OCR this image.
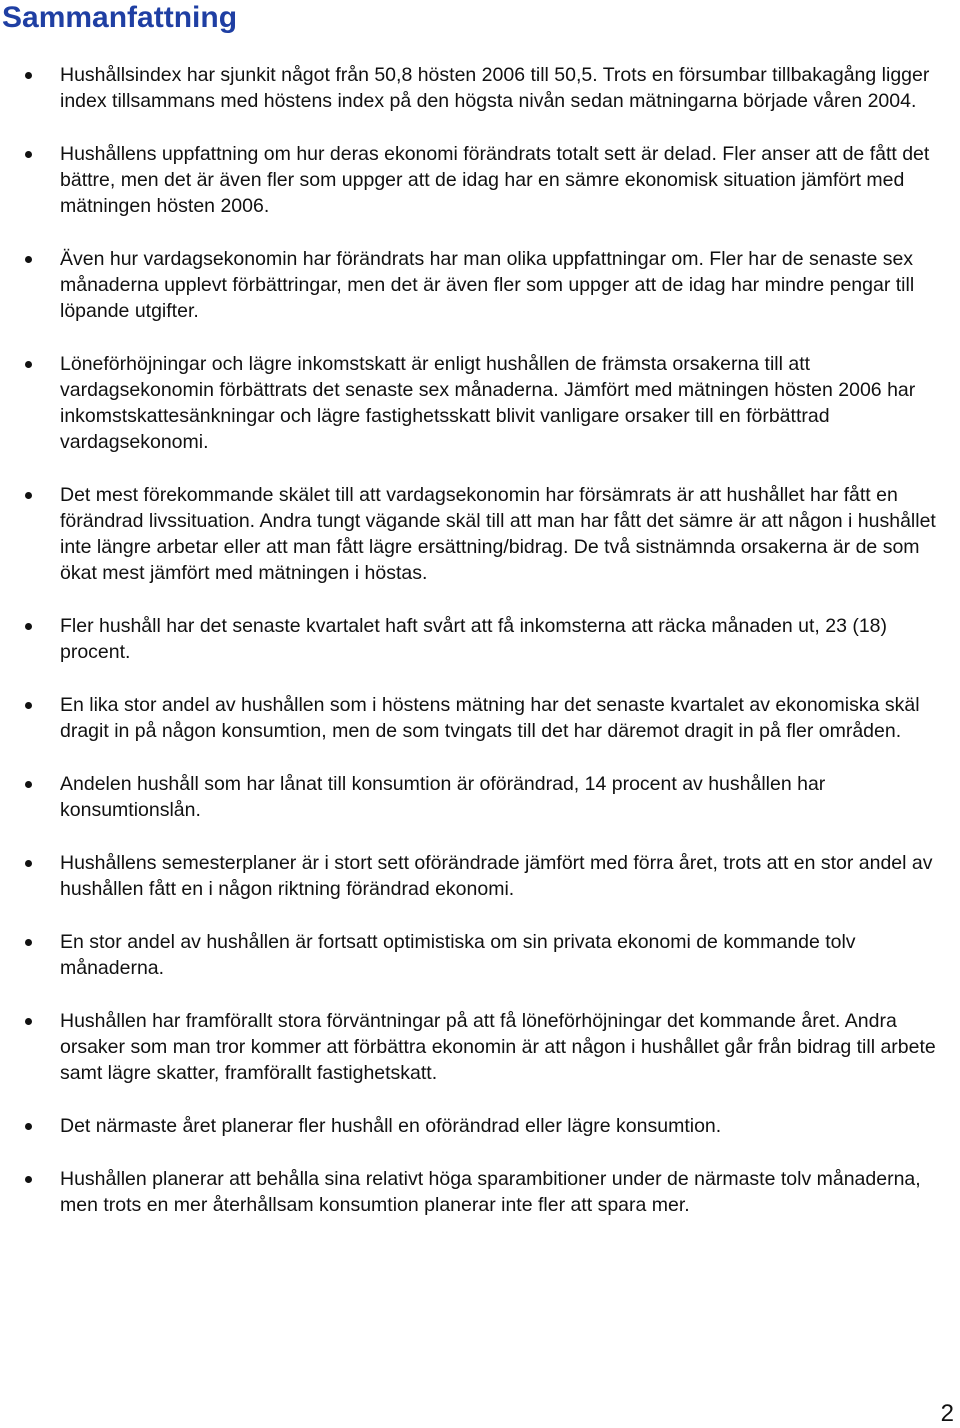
Sammanfattning
Hushållsindex har sjunkit något från 50,8 hösten 2006 till 50,5. Trots en försumbar tillbakagång ligger index tillsammans med höstens index på den högsta nivån sedan mätningarna började våren 2004.
Hushållens uppfattning om hur deras ekonomi förändrats totalt sett är delad. Fler anser att de fått det bättre, men det är även fler som uppger att de idag har en sämre ekonomisk situation jämfört med mätningen hösten 2006.
Även hur vardagsekonomin har förändrats har man olika uppfattningar om. Fler har de senaste sex månaderna upplevt förbättringar, men det är även fler som uppger att de idag har mindre pengar till löpande utgifter.
Löneförhöjningar och lägre inkomstskatt är enligt hushållen de främsta orsakerna till att vardagsekonomin förbättrats det senaste sex månaderna. Jämfört med mätningen hösten 2006 har inkomstskattesänkningar och lägre fastighetsskatt blivit vanligare orsaker till en förbättrad vardagsekonomi.
Det mest förekommande skälet till att vardagsekonomin har försämrats är att hushållet har fått en förändrad livssituation. Andra tungt vägande skäl till att man har fått det sämre är att någon i hushållet inte längre arbetar eller att man fått lägre ersättning/bidrag. De två sistnämnda orsakerna är de som ökat mest jämfört med mätningen i höstas.
Fler hushåll har det senaste kvartalet haft svårt att få inkomsterna att räcka månaden ut, 23 (18) procent.
En lika stor andel av hushållen som i höstens mätning har det senaste kvartalet av ekonomiska skäl dragit in på någon konsumtion, men de som tvingats till det har däremot dragit in på fler områden.
Andelen hushåll som har lånat till konsumtion är oförändrad, 14 procent av hushållen har konsumtionslån.
Hushållens semesterplaner är i stort sett oförändrade jämfört med förra året, trots att en stor andel av hushållen fått en i någon riktning förändrad ekonomi.
En stor andel av hushållen är fortsatt optimistiska om sin privata ekonomi de kommande tolv månaderna.
Hushållen har framförallt stora förväntningar på att få löneförhöjningar det kommande året. Andra orsaker som man tror kommer att förbättra ekonomin är att någon i hushållet går från bidrag till arbete samt lägre skatter, framförallt fastighetskatt.
Det närmaste året planerar fler hushåll en oförändrad eller lägre konsumtion.
Hushållen planerar att behålla sina relativt höga sparambitioner under de närmaste tolv månaderna, men trots en mer återhållsam konsumtion planerar inte fler att spara mer.
2
